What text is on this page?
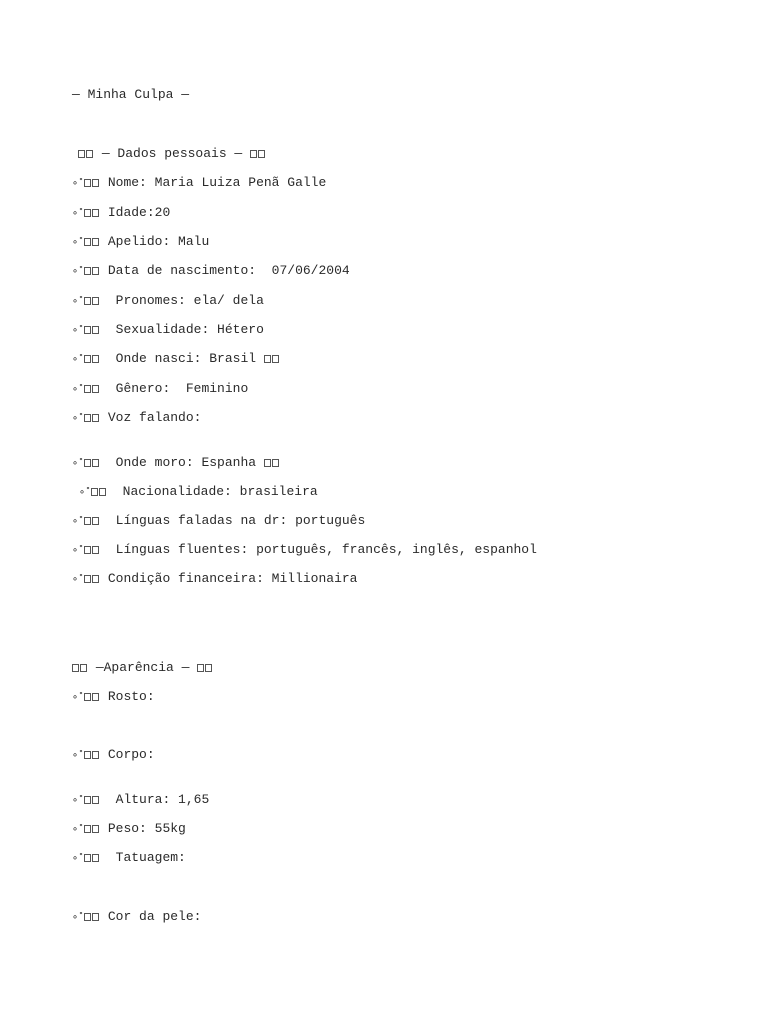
— Minha Culpa —
— Dados pessoais —
∘˚ Nome: Maria Luiza Penã Galle
∘˚ Idade:20
∘˚ Apelido: Malu
∘˚ Data de nascimento:  07/06/2004
∘˚  Pronomes: ela/ dela
∘˚  Sexualidade: Hétero
∘˚  Onde nasci: Brasil
∘˚  Gênero:  Feminino
∘˚ Voz falando:
∘˚  Onde moro: Espanha
∘˚  Nacionalidade: brasileira
∘˚  Línguas faladas na dr: português
∘˚  Línguas fluentes: português, francês, inglês, espanhol
∘˚ Condição financeira: Millionaira
—Aparência —
∘˚ Rosto:
∘˚ Corpo:
∘˚  Altura: 1,65
∘˚ Peso: 55kg
∘˚  Tatuagem:
∘˚ Cor da pele:
